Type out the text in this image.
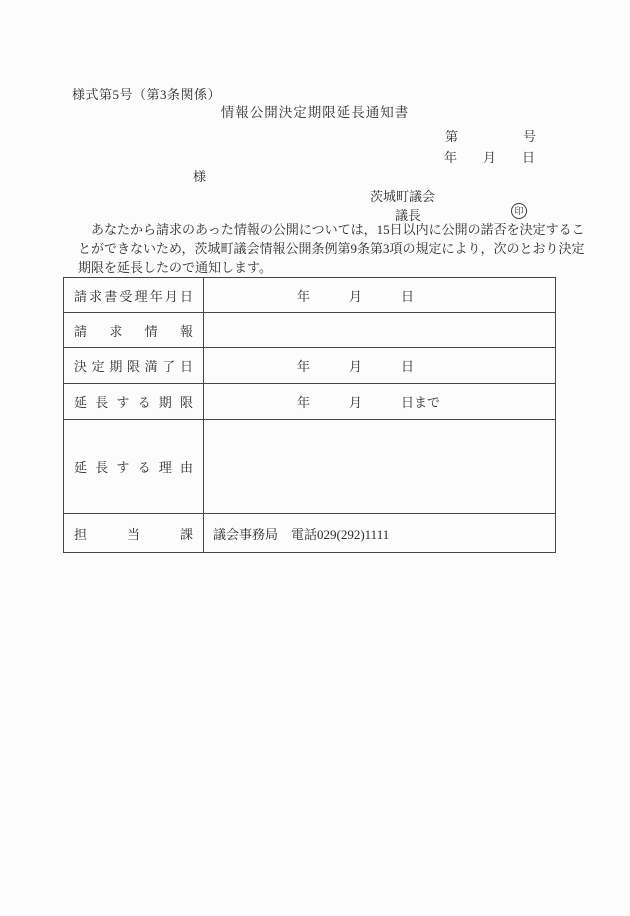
様式第5号（第3条関係）
情報公開決定期限延長通知書
第　　　　　号
年　　月　　日
様
茨城町議会
議長	印
　あなたから請求のあった情報の公開については，15日以内に公開の諾否を決定するこ
とができないため，茨城町議会情報公開条例第9条第3項の規定により，次のとおり決定
期限を延長したので通知します。
請 求 書 受 理 年 月 日	年　　　月　　　日

請 求 情 報	

決 定 期 限 満 了 日	年　　　月　　　日

延 長 す る 期 限	年　　　月　　　日まで

延 長 す る 理 由

担 当 課	議会事務局　電話029(292)1111
